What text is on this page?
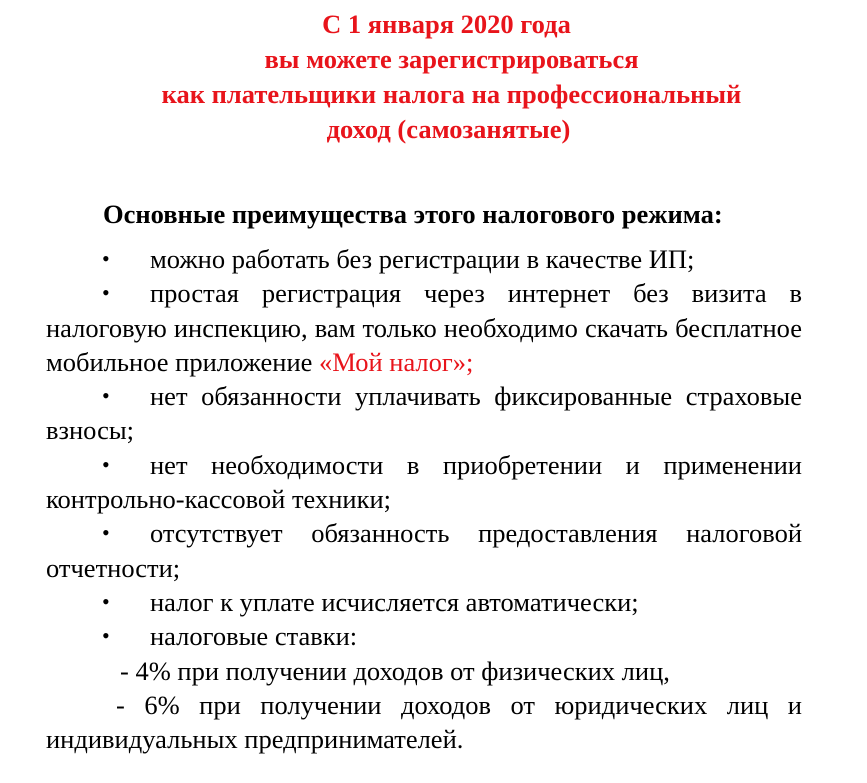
С 1 января 2020 года
вы можете зарегистрироваться
как плательщики налога на профессиональный
доход (самозанятые)
Основные преимущества этого налогового режима:

• можно работать без регистрации в качестве ИП;

• простая регистрация через интернет без визита в налоговую инспекцию, вам только необходимо скачать бесплатное мобильное приложение «Мой налог»;

• нет обязанности уплачивать фиксированные страховые взносы;

• нет необходимости в приобретении и применении контрольно-кассовой техники;

• отсутствует обязанность предоставления налоговой отчетности;

• налог к уплате исчисляется автоматически;

• налоговые ставки:

- 4% при получении доходов от физических лиц,

- 6% при получении доходов от юридических лиц и индивидуальных предпринимателей.
